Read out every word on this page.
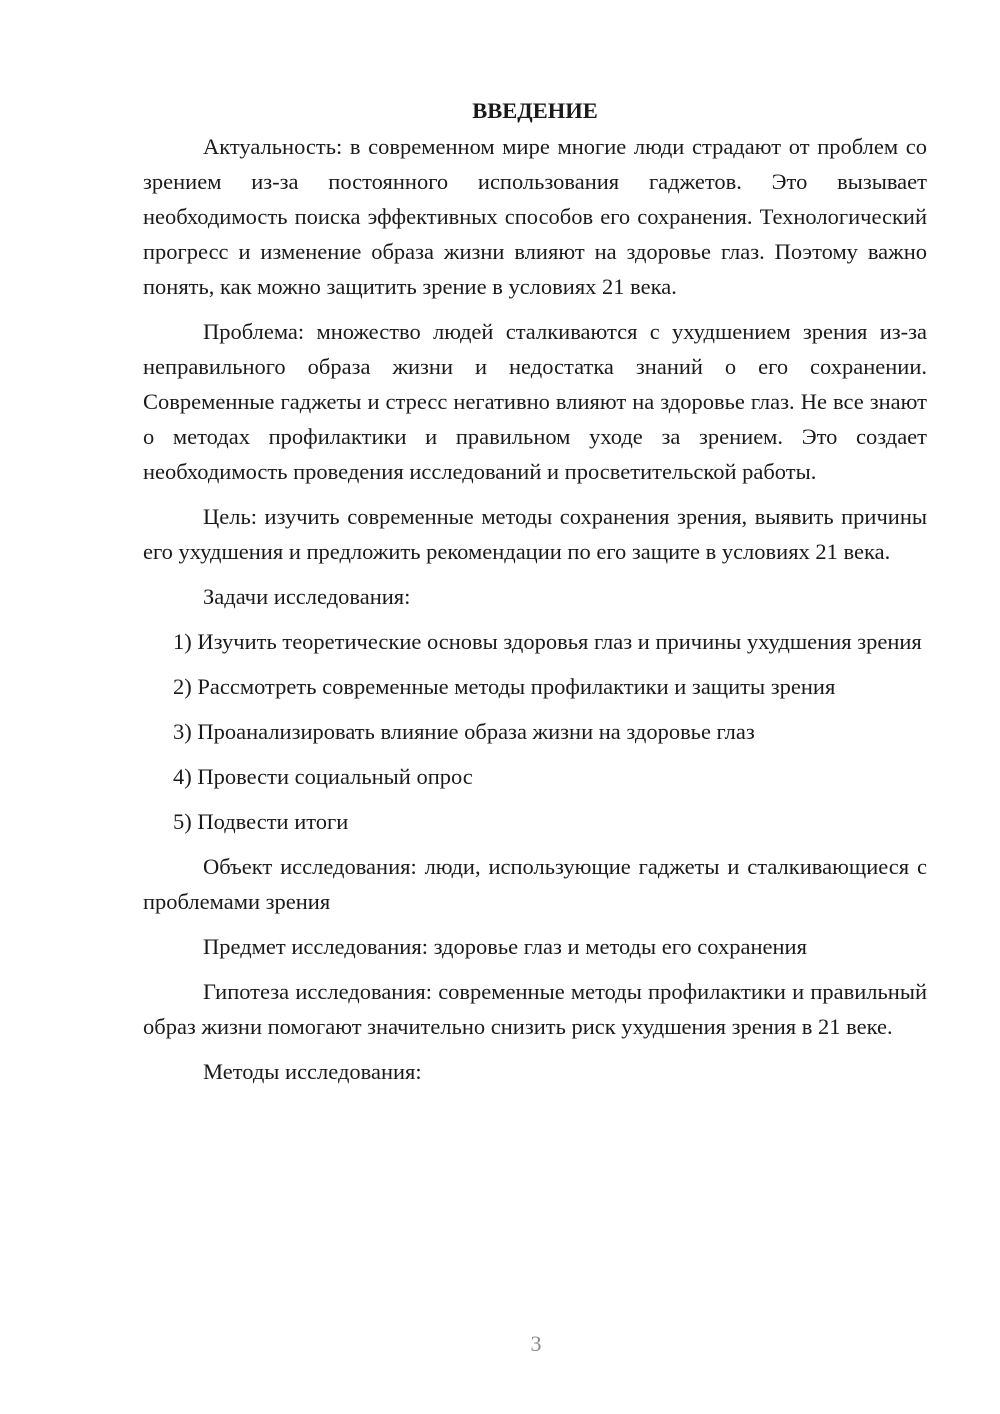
ВВЕДЕНИЕ

Актуальность: в современном мире многие люди страдают от проблем со зрением из-за постоянного использования гаджетов. Это вызывает необходимость поиска эффективных способов его сохранения. Технологический прогресс и изменение образа жизни влияют на здоровье глаз. Поэтому важно понять, как можно защитить зрение в условиях 21 века.

Проблема: множество людей сталкиваются с ухудшением зрения из-за неправильного образа жизни и недостатка знаний о его сохранении. Современные гаджеты и стресс негативно влияют на здоровье глаз. Не все знают о методах профилактики и правильном уходе за зрением. Это создает необходимость проведения исследований и просветительской работы.

Цель: изучить современные методы сохранения зрения, выявить причины его ухудшения и предложить рекомендации по его защите в условиях 21 века.

Задачи исследования:

1) Изучить теоретические основы здоровья глаз и причины ухудшения зрения

2) Рассмотреть современные методы профилактики и защиты зрения

3) Проанализировать влияние образа жизни на здоровье глаз

4) Провести социальный опрос

5) Подвести итоги

Объект исследования: люди, использующие гаджеты и сталкивающиеся с проблемами зрения

Предмет исследования: здоровье глаз и методы его сохранения

Гипотеза исследования: современные методы профилактики и правильный образ жизни помогают значительно снизить риск ухудшения зрения в 21 веке.

Методы исследования:

3
